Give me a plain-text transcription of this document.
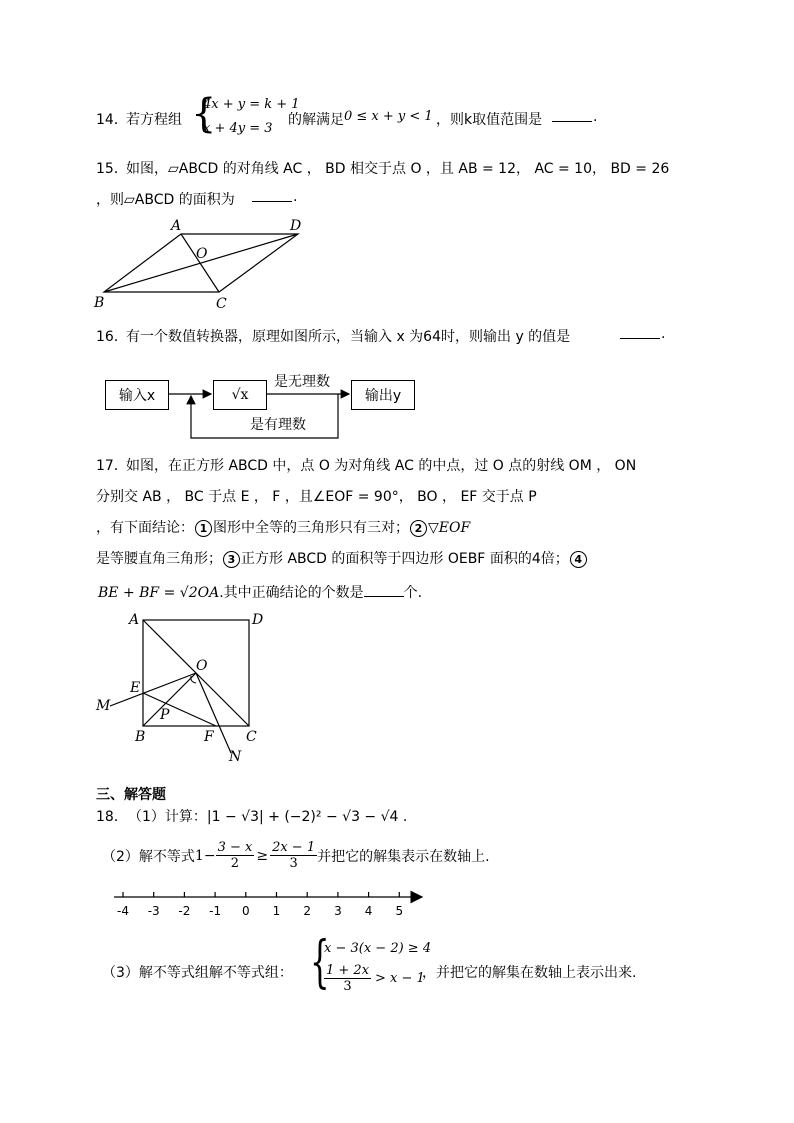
14．
若方程组 {
4x + y = k + 1
x + 4y = 3
的解满足 0 ≤ x + y < 1 ，则k取值范围是	.
15．
如图，▱ABCD 的对角线 AC ， BD 相交于点 O ，且 AB = 12， AC = 10， BD = 26
，则▱ABCD 的面积为	.
A	D
O
B	C
16．
有一个数值转换器，原理如图所示，当输入 x 为64时，则输出 y 的值是	.
输入x	√x	输出y
是无理数
是有理数
17．
如图，在正方形 ABCD 中，点 O 为对角线 AC 的中点，过 O 点的射线 OM ， ON
分别交 AB ， BC 于点 E ， F ，且∠EOF = 90°， BO ， EF 交于点 P
，有下面结论： 1 图形中全等的三角形只有三对； 2 ▽EOF
是等腰直角三角形； 3 正方形 ABCD 的面积等于四边形 OEBF 面积的4倍； 4
BE + BF = √2OA.其中正确结论的个数是	个.
A	D
O
E
M
P
B	F C
N
三、解答题
18． （1）计算：|1 − √3| + (−2)² − √3 − √4 .
（2）解不等式 $1- \frac{3 - x}{2} \ge \frac{2x - 1}{3}$ 并把它的解集表示在数轴上.
-4 -3 -2 -1 0 1 2 3 4 5
（3）解不等式组解不等式组： {
x − 3(x − 2) ≥ 4
$\frac{1 + 2x}{3} > x - 1$
，并把它的解集在数轴上表示出来.
